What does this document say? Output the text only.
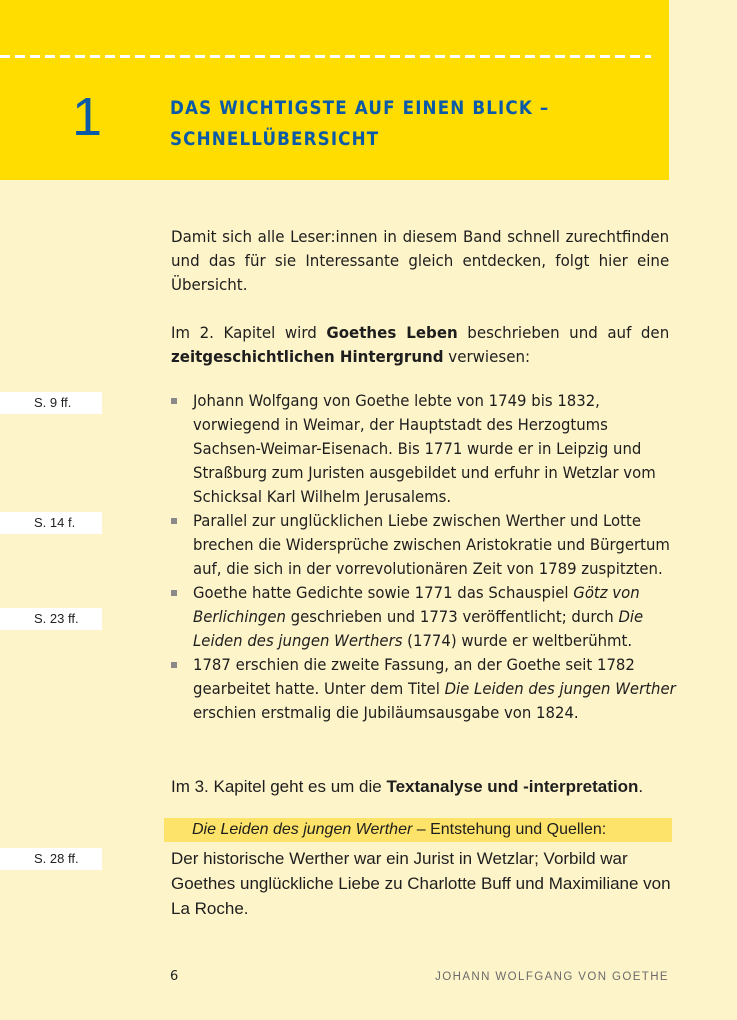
1	DAS WICHTIGSTE AUF EINEN BLICK –
SCHNELLÜBERSICHT

Damit sich alle Leser:innen in diesem Band schnell zurechtfinden und das für sie Interessante gleich entdecken, folgt hier eine Übersicht.

Im 2. Kapitel wird Goethes Leben beschrieben und auf den zeitgeschichtlichen Hintergrund verwiesen:

S. 9 ff.
S. 14 f.
S. 23 ff.
S. 28 ff.
Johann Wolfgang von Goethe lebte von 1749 bis 1832, vorwiegend in Weimar, der Hauptstadt des Herzogtums Sachsen-Weimar-Eisenach. Bis 1771 wurde er in Leipzig und Straßburg zum Juristen ausgebildet und erfuhr in Wetzlar vom Schicksal Karl Wilhelm Jerusalems.
Parallel zur unglücklichen Liebe zwischen Werther und Lotte brechen die Widersprüche zwischen Aristokratie und Bürgertum auf, die sich in der vorrevolutionären Zeit von 1789 zuspitzten.
Goethe hatte Gedichte sowie 1771 das Schauspiel Götz von Berlichingen geschrieben und 1773 veröffentlicht; durch Die Leiden des jungen Werthers (1774) wurde er weltberühmt.
1787 erschien die zweite Fassung, an der Goethe seit 1782 gearbeitet hatte. Unter dem Titel Die Leiden des jungen Werther erschien erstmalig die Jubiläumsausgabe von 1824.
Im 3. Kapitel geht es um die Textanalyse und -interpretation.
Die Leiden des jungen Werther – Entstehung und Quellen:
Der historische Werther war ein Jurist in Wetzlar; Vorbild war Goethes unglückliche Liebe zu Charlotte Buff und Maximiliane von La Roche.
6	JOHANN WOLFGANG VON GOETHE
